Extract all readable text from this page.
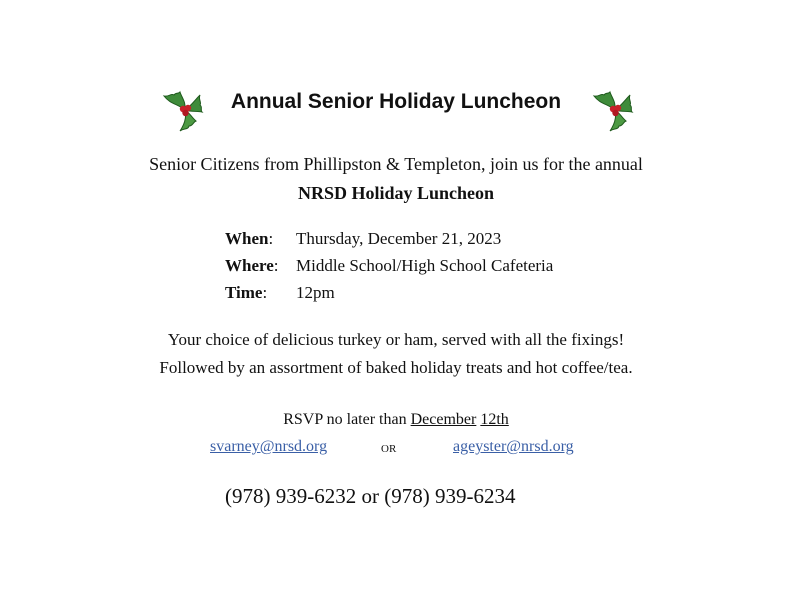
Annual Senior Holiday Luncheon
Senior Citizens from Phillipston & Templeton, join us for the annual
NRSD Holiday Luncheon
When: Thursday, December 21, 2023
Where: Middle School/High School Cafeteria
Time: 12pm
Your choice of delicious turkey or ham, served with all the fixings!
Followed by an assortment of baked holiday treats and hot coffee/tea.
RSVP no later than December 12th
svarney@nrsd.org	OR	ageyster@nrsd.org
(978) 939-6232 or (978) 939-6234
